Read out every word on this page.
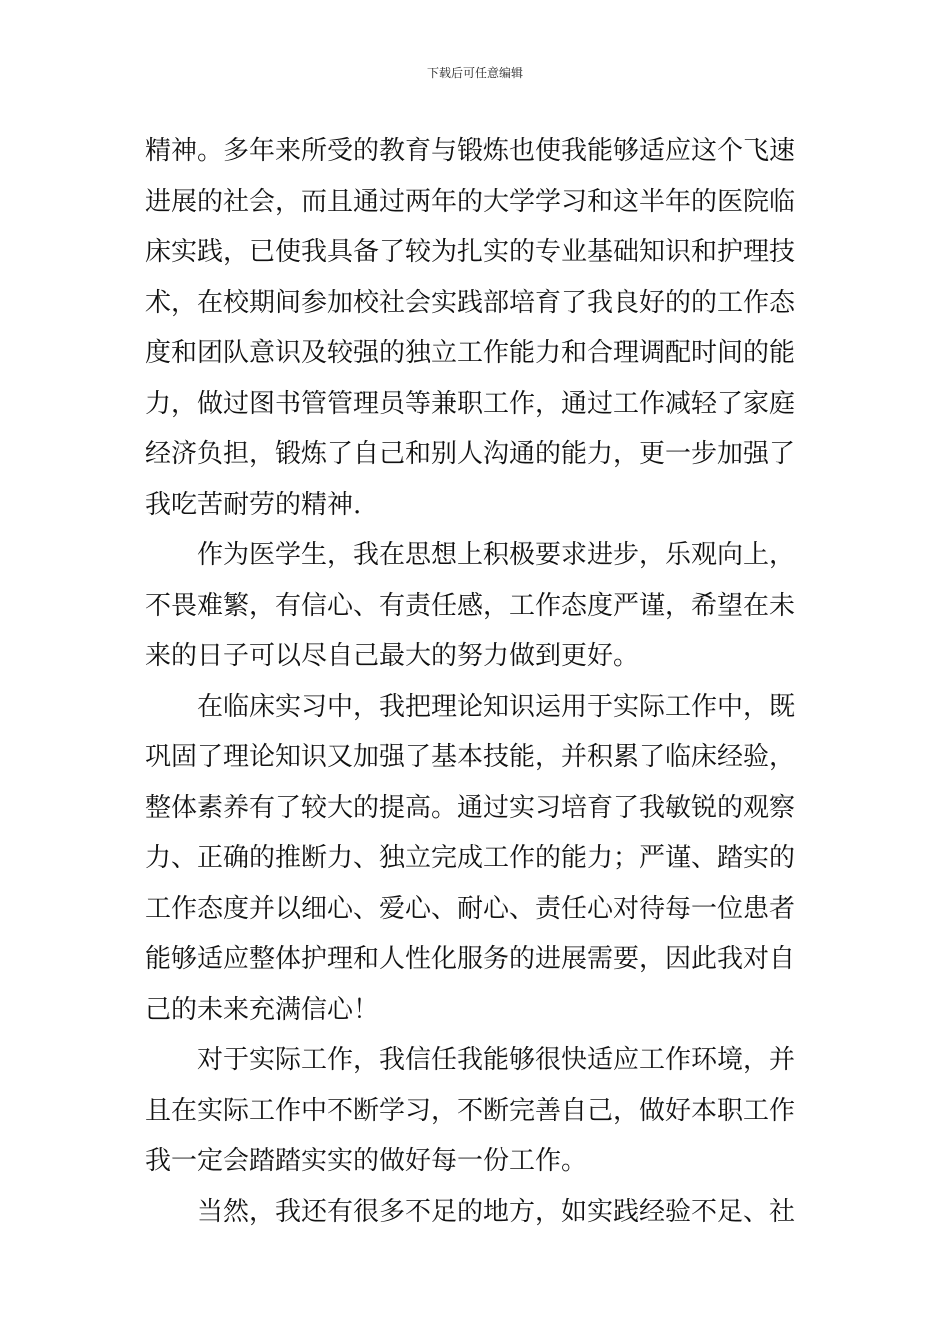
下载后可任意编辑
精神。多年来所受的教育与锻炼也使我能够适应这个飞速
进展的社会，而且通过两年的大学学习和这半年的医院临
床实践，已使我具备了较为扎实的专业基础知识和护理技
术，在校期间参加校社会实践部培育了我良好的的工作态
度和团队意识及较强的独立工作能力和合理调配时间的能
力，做过图书管管理员等兼职工作，通过工作减轻了家庭
经济负担，锻炼了自己和别人沟通的能力，更一步加强了
我吃苦耐劳的精神.
作为医学生，我在思想上积极要求进步，乐观向上，
不畏难繁，有信心、有责任感，工作态度严谨，希望在未
来的日子可以尽自己最大的努力做到更好。
在临床实习中，我把理论知识运用于实际工作中，既
巩固了理论知识又加强了基本技能，并积累了临床经验，
整体素养有了较大的提高。通过实习培育了我敏锐的观察
力、正确的推断力、独立完成工作的能力；严谨、踏实的
工作态度并以细心、爱心、耐心、责任心对待每一位患者
能够适应整体护理和人性化服务的进展需要，因此我对自
己的未来充满信心！
对于实际工作，我信任我能够很快适应工作环境，并
且在实际工作中不断学习，不断完善自己，做好本职工作
我一定会踏踏实实的做好每一份工作。
当然，我还有很多不足的地方，如实践经验不足、社
